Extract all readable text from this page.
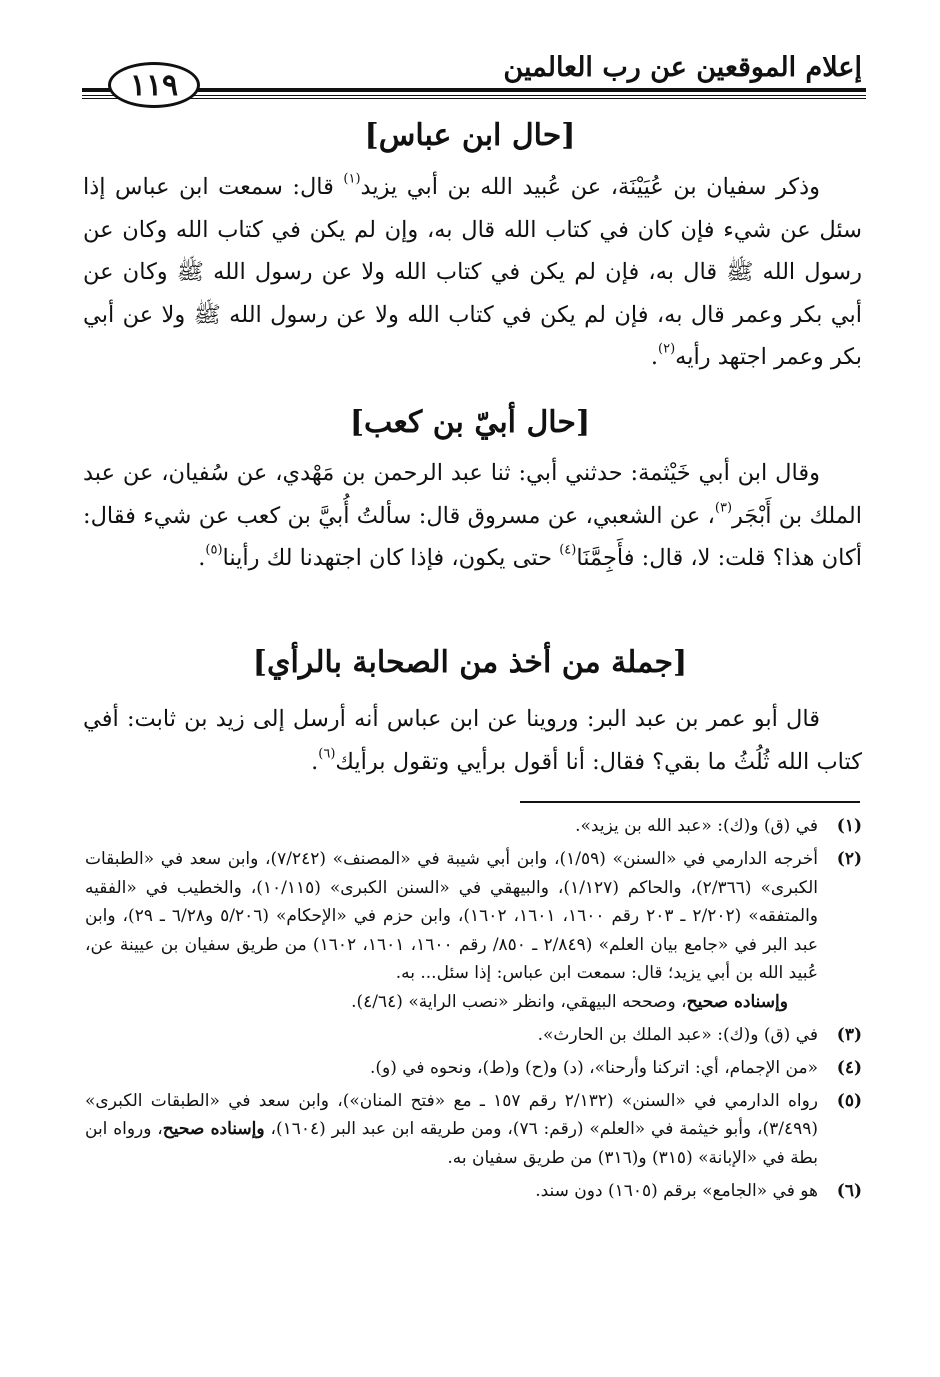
إعلام الموقعين عن رب العالمين
١١٩
[حال ابن عباس]

وذكر سفيان بن عُيَيْنَة، عن عُبيد الله بن أبي يزيد$^{(١)}$ قال: سمعت ابن عباس إذا سئل عن شيء فإن كان في كتاب الله قال به، وإن لم يكن في كتاب الله وكان عن رسول الله ﷺ قال به، فإن لم يكن في كتاب الله ولا عن رسول الله ﷺ وكان عن أبي بكر وعمر قال به، فإن لم يكن في كتاب الله ولا عن رسول الله ﷺ ولا عن أبي بكر وعمر اجتهد رأيه$^{(٢)}$.

[حال أبيّ بن كعب]

وقال ابن أبي خَيْثمة: حدثني أبي: ثنا عبد الرحمن بن مَهْدي، عن سُفيان، عن عبد الملك بن أَبْجَر$^{(٣)}$، عن الشعبي، عن مسروق قال: سألتُ أُبيَّ بن كعب عن شيء فقال: أكان هذا؟ قلت: لا، قال: فأَجِمَّنَا$^{(٤)}$ حتى يكون، فإذا كان اجتهدنا لك رأينا$^{(٥)}$.

[جملة من أخذ من الصحابة بالرأي]

قال أبو عمر بن عبد البر: وروينا عن ابن عباس أنه أرسل إلى زيد بن ثابت: أفي كتاب الله ثُلُثُ ما بقي؟ فقال: أنا أقول برأيي وتقول برأيك$^{(٦)}$.

(١)
في (ق) و(ك): «عبد الله بن يزيد».
(٢)
أخرجه الدارمي في «السنن» (١/٥٩)، وابن أبي شيبة في «المصنف» (٧/٢٤٢)، وابن سعد في «الطبقات الكبرى» (٢/٣٦٦)، والحاكم (١/١٢٧)، والبيهقي في «السنن الكبرى» (١٠/١١٥)، والخطيب في «الفقيه والمتفقه» (٢/٢٠٢ ـ ٢٠٣ رقم ١٦٠٠، ١٦٠١، ١٦٠٢)، وابن حزم في «الإحكام» (٥/٢٠٦ و٦/٢٨ ـ ٢٩)، وابن عبد البر في «جامع بيان العلم» (٢/٨٤٩ ـ ٨٥٠/ رقم ١٦٠٠، ١٦٠١، ١٦٠٢) من طريق سفيان بن عيينة عن، عُبيد الله بن أبي يزيد؛ قال: سمعت ابن عباس: إذا سئل... به.
وإسناده صحيح، وصححه البيهقي، وانظر «نصب الراية» (٤/٦٤).
(٣)
في (ق) و(ك): «عبد الملك بن الحارث».
(٤)
«من الإجمام، أي: اتركنا وأرحنا»، (د) و(ح) و(ط)، ونحوه في (و).
(٥)
رواه الدارمي في «السنن» (٢/١٣٢ رقم ١٥٧ ـ مع «فتح المنان»)، وابن سعد في «الطبقات الكبرى» (٣/٤٩٩)، وأبو خيثمة في «العلم» (رقم: ٧٦)، ومن طريقه ابن عبد البر (١٦٠٤)، وإسناده صحيح، ورواه ابن بطة في «الإبانة» (٣١٥) و(٣١٦) من طريق سفيان به.
(٦)
هو في «الجامع» برقم (١٦٠٥) دون سند.
